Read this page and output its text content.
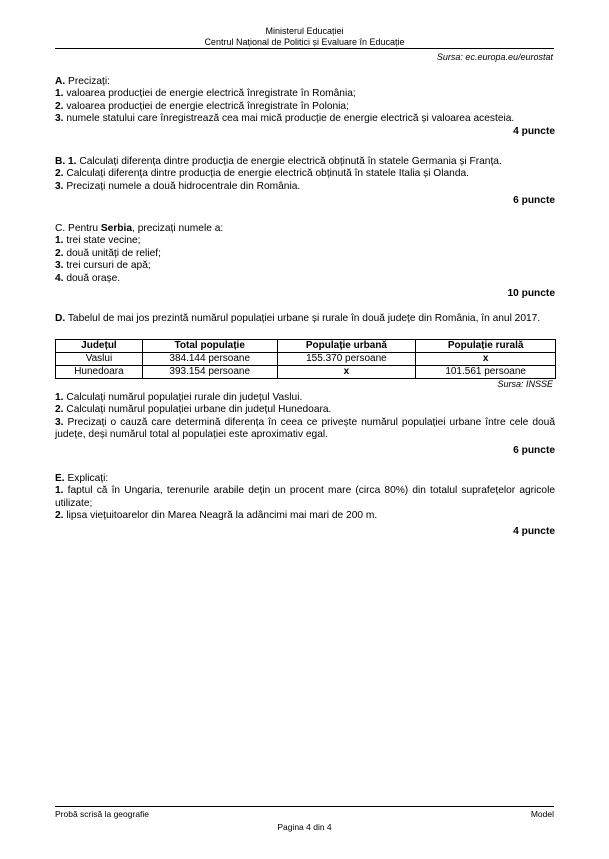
Ministerul Educației
Centrul Național de Politici și Evaluare în Educație
Sursa: ec.europa.eu/eurostat

A. Precizați:

1. valoarea producției de energie electrică înregistrate în România;

2. valoarea producției de energie electrică înregistrate în Polonia;

3. numele statului care înregistrează cea mai mică producție de energie electrică și valoarea acesteia.
4 puncte

B. 1. Calculați diferența dintre producția de energie electrică obținută în statele Germania și Franța.

2. Calculați diferența dintre producția de energie electrică obținută în statele Italia și Olanda.

3. Precizați numele a două hidrocentrale din România.

6 puncte

C. Pentru Serbia, precizați numele a:

1. trei state vecine;

2. două unități de relief;

3. trei cursuri de apă;

4. două orașe.

10 puncte

D. Tabelul de mai jos prezintă numărul populației urbane și rurale în două județe din România, în anul 2017.

Județul	Total populație	Populație urbană	Populație rurală
Vaslui	384.144 persoane	155.370 persoane	x
Hunedoara	393.154 persoane	x	101.561 persoane
Sursa: INSSE

1. Calculați numărul populației rurale din județul Vaslui.

2. Calculați numărul populației urbane din județul Hunedoara.

3. Precizați o cauză care determină diferența în ceea ce privește numărul populației urbane între cele două județe, deși numărul total al populației este aproximativ egal.

6 puncte

E. Explicați:

1. faptul că în Ungaria, terenurile arabile dețin un procent mare (circa 80%) din totalul suprafețelor agricole utilizate;

2. lipsa viețuitoarelor din Marea Neagră la adâncimi mai mari de 200 m.

4 puncte

Probă scrisă la geografie	Model
Pagina 4 din 4
